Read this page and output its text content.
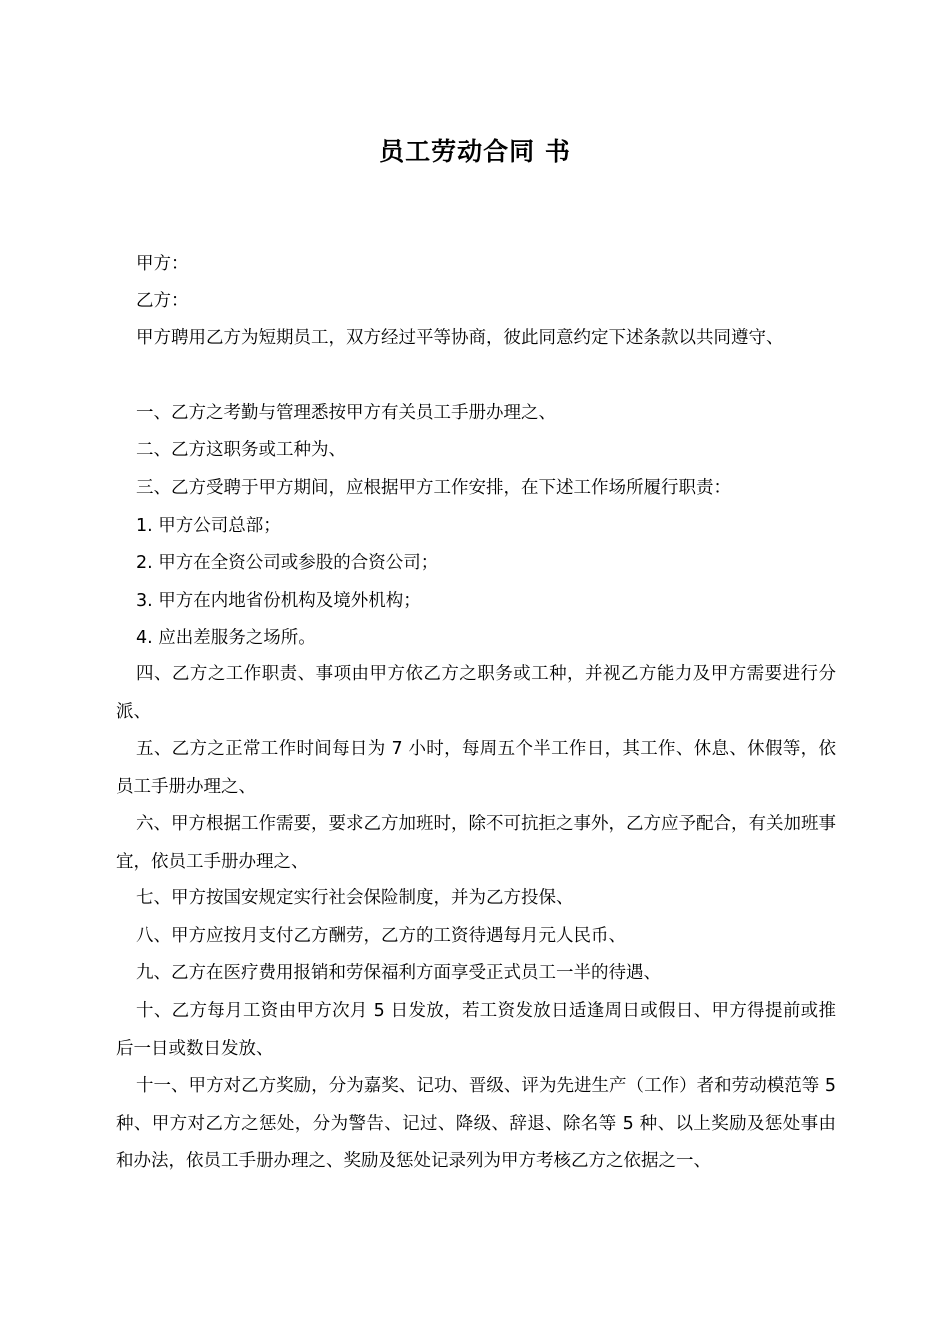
员工劳动合同 书
甲方：
乙方：
甲方聘用乙方为短期员工，双方经过平等协商，彼此同意约定下述条款以共同遵守、
一、乙方之考勤与管理悉按甲方有关员工手册办理之、
二、乙方这职务或工种为、
三、乙方受聘于甲方期间，应根据甲方工作安排，在下述工作场所履行职责：
1. 甲方公司总部；
2. 甲方在全资公司或参股的合资公司；
3. 甲方在内地省份机构及境外机构；
4. 应出差服务之场所。
四、乙方之工作职责、事项由甲方依乙方之职务或工种，并视乙方能力及甲方需要进行分派、
五、乙方之正常工作时间每日为 7 小时，每周五个半工作日，其工作、休息、休假等，依员工手册办理之、
六、甲方根据工作需要，要求乙方加班时，除不可抗拒之事外，乙方应予配合，有关加班事宜，依员工手册办理之、
七、甲方按国安规定实行社会保险制度，并为乙方投保、
八、甲方应按月支付乙方酬劳，乙方的工资待遇每月元人民币、
九、乙方在医疗费用报销和劳保福利方面享受正式员工一半的待遇、
十、乙方每月工资由甲方次月 5 日发放，若工资发放日适逢周日或假日、甲方得提前或推后一日或数日发放、
十一、甲方对乙方奖励，分为嘉奖、记功、晋级、评为先进生产（工作）者和劳动模范等 5 种、甲方对乙方之惩处，分为警告、记过、降级、辞退、除名等 5 种、以上奖励及惩处事由和办法，依员工手册办理之、奖励及惩处记录列为甲方考核乙方之依据之一、
